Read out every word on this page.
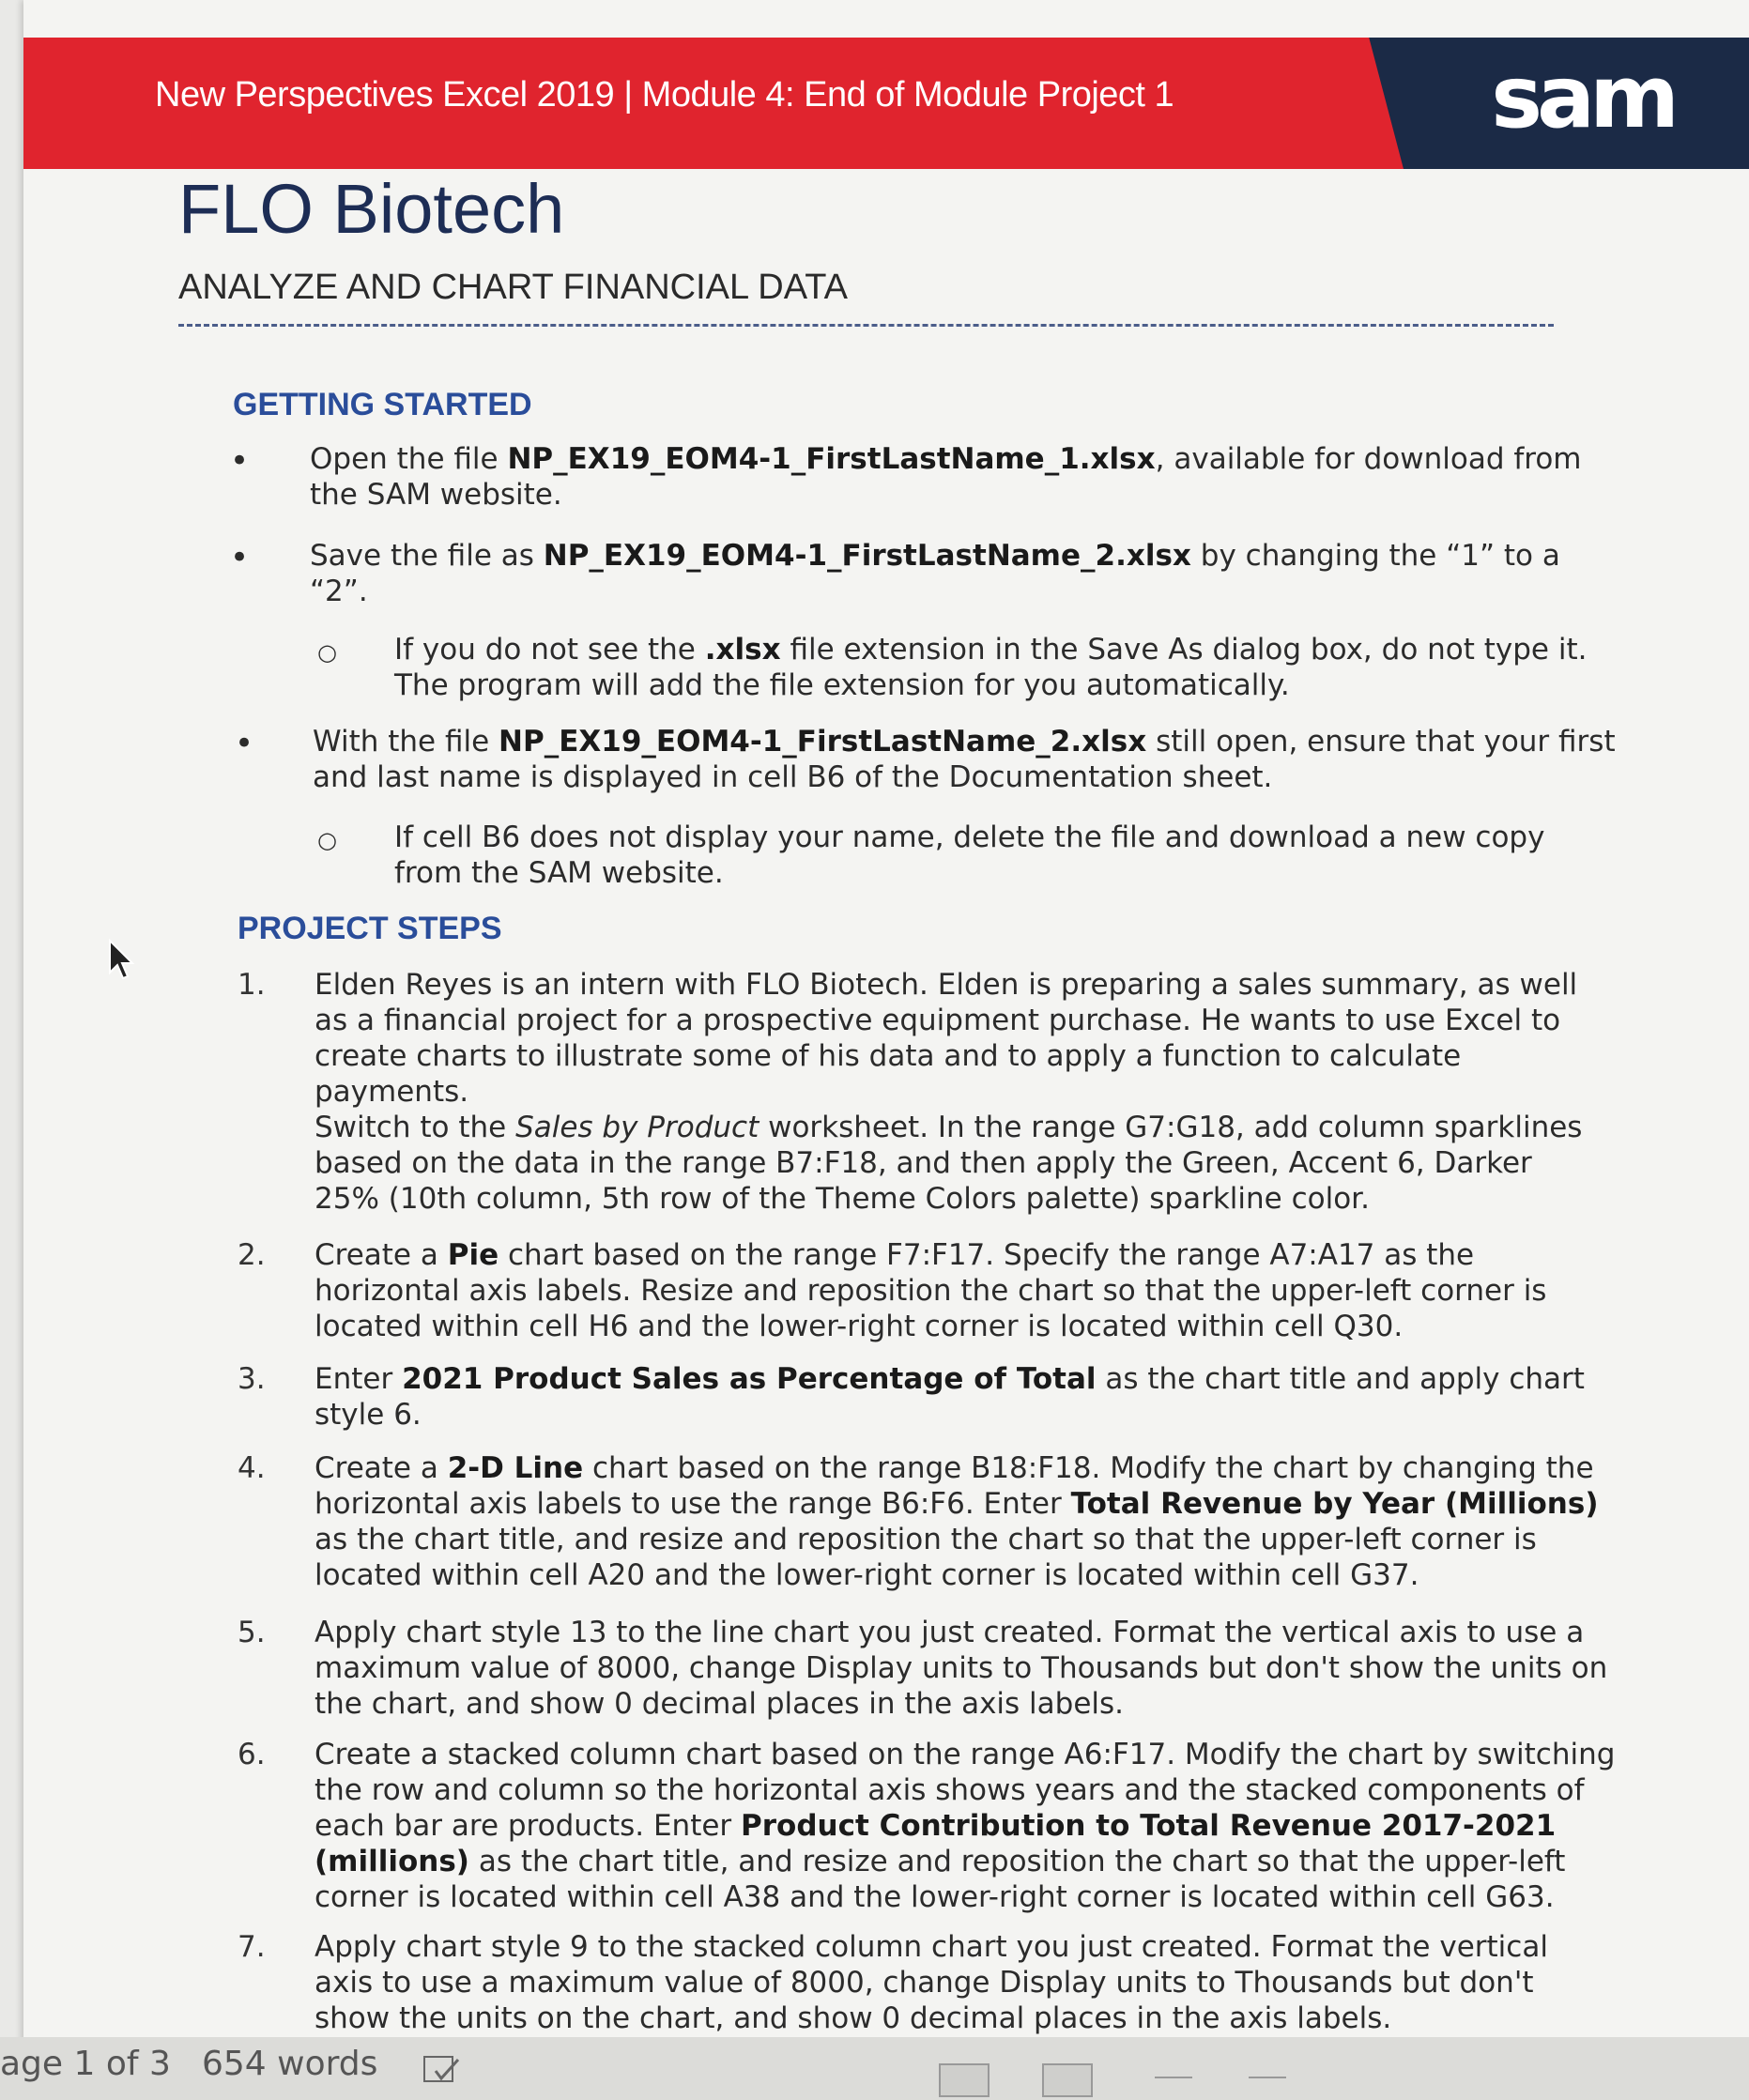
New Perspectives Excel 2019 | Module 4: End of Module Project 1	sam
FLO Biotech
ANALYZE AND CHART FINANCIAL DATA
GETTING STARTED
• Open the file NP_EX19_EOM4-1_FirstLastName_1.xlsx, available for download from the SAM website.
• Save the file as NP_EX19_EOM4-1_FirstLastName_2.xlsx by changing the “1” to a “2”.
○ If you do not see the .xlsx file extension in the Save As dialog box, do not type it. The program will add the file extension for you automatically.
• With the file NP_EX19_EOM4-1_FirstLastName_2.xlsx still open, ensure that your first and last name is displayed in cell B6 of the Documentation sheet.
○ If cell B6 does not display your name, delete the file and download a new copy from the SAM website.
PROJECT STEPS
1. Elden Reyes is an intern with FLO Biotech. Elden is preparing a sales summary, as well as a financial project for a prospective equipment purchase. He wants to use Excel to create charts to illustrate some of his data and to apply a function to calculate payments.
Switch to the Sales by Product worksheet. In the range G7:G18, add column sparklines based on the data in the range B7:F18, and then apply the Green, Accent 6, Darker 25% (10th column, 5th row of the Theme Colors palette) sparkline color.
2. Create a Pie chart based on the range F7:F17. Specify the range A7:A17 as the horizontal axis labels. Resize and reposition the chart so that the upper-left corner is located within cell H6 and the lower-right corner is located within cell Q30.
3. Enter 2021 Product Sales as Percentage of Total as the chart title and apply chart style 6.
4. Create a 2-D Line chart based on the range B18:F18. Modify the chart by changing the horizontal axis labels to use the range B6:F6. Enter Total Revenue by Year (Millions) as the chart title, and resize and reposition the chart so that the upper-left corner is located within cell A20 and the lower-right corner is located within cell G37.
5. Apply chart style 13 to the line chart you just created. Format the vertical axis to use a maximum value of 8000, change Display units to Thousands but don't show the units on the chart, and show 0 decimal places in the axis labels.
6. Create a stacked column chart based on the range A6:F17. Modify the chart by switching the row and column so the horizontal axis shows years and the stacked components of each bar are products. Enter Product Contribution to Total Revenue 2017-2021 (millions) as the chart title, and resize and reposition the chart so that the upper-left corner is located within cell A38 and the lower-right corner is located within cell G63.
7. Apply chart style 9 to the stacked column chart you just created. Format the vertical axis to use a maximum value of 8000, change Display units to Thousands but don't show the units on the chart, and show 0 decimal places in the axis labels.
age 1 of 3 654 words
